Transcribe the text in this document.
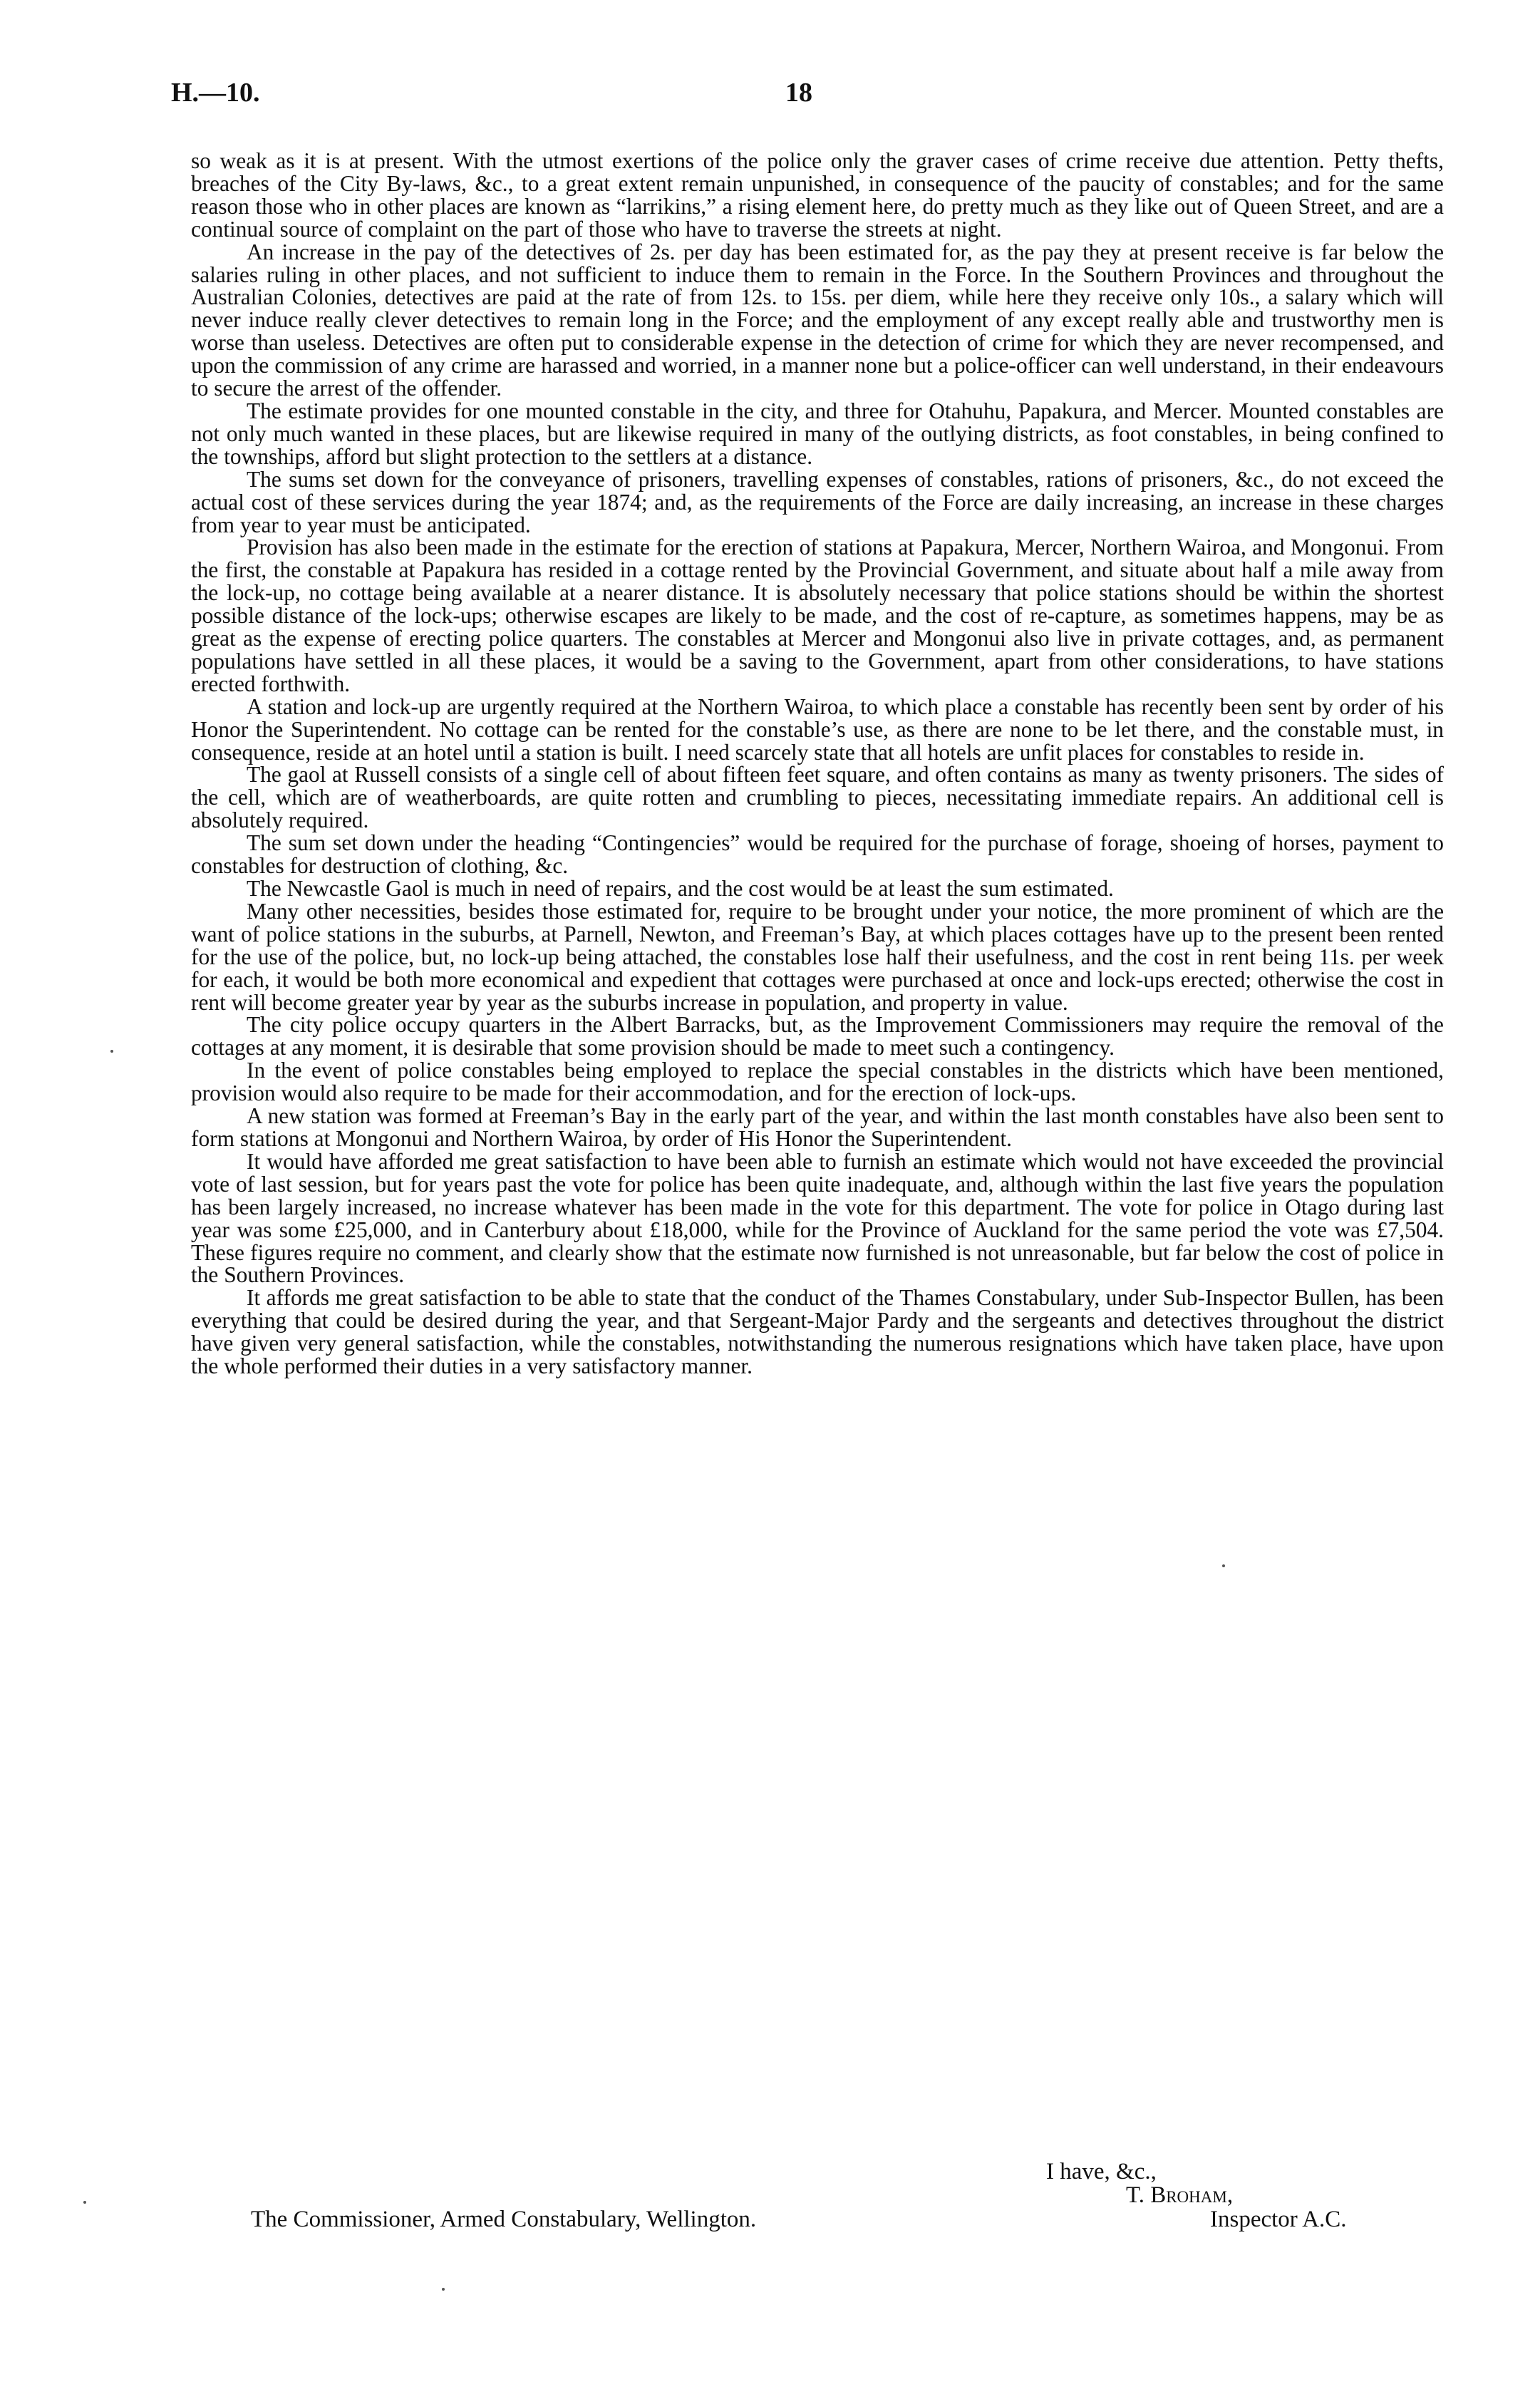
H.—10.	18

so weak as it is at present. With the utmost exertions of the police only the graver cases of crime receive due attention. Petty thefts, breaches of the City By-laws, &c., to a great extent remain unpunished, in consequence of the paucity of constables; and for the same reason those who in other places are known as “larrikins,” a rising element here, do pretty much as they like out of Queen Street, and are a continual source of complaint on the part of those who have to traverse the streets at night.

An increase in the pay of the detectives of 2s. per day has been estimated for, as the pay they at present receive is far below the salaries ruling in other places, and not sufficient to induce them to remain in the Force. In the Southern Provinces and throughout the Australian Colonies, detectives are paid at the rate of from 12s. to 15s. per diem, while here they receive only 10s., a salary which will never induce really clever detectives to remain long in the Force; and the employment of any except really able and trustworthy men is worse than useless. Detectives are often put to considerable expense in the detection of crime for which they are never recompensed, and upon the commission of any crime are harassed and worried, in a manner none but a police-officer can well understand, in their endeavours to secure the arrest of the offender.

The estimate provides for one mounted constable in the city, and three for Otahuhu, Papakura, and Mercer. Mounted constables are not only much wanted in these places, but are likewise required in many of the outlying districts, as foot constables, in being confined to the townships, afford but slight protection to the settlers at a distance.

The sums set down for the conveyance of prisoners, travelling expenses of constables, rations of prisoners, &c., do not exceed the actual cost of these services during the year 1874; and, as the requirements of the Force are daily increasing, an increase in these charges from year to year must be anticipated.

Provision has also been made in the estimate for the erection of stations at Papakura, Mercer, Northern Wairoa, and Mongonui. From the first, the constable at Papakura has resided in a cottage rented by the Provincial Government, and situate about half a mile away from the lock-up, no cottage being available at a nearer distance. It is absolutely necessary that police stations should be within the shortest possible distance of the lock-ups; otherwise escapes are likely to be made, and the cost of re-capture, as sometimes happens, may be as great as the expense of erecting police quarters. The constables at Mercer and Mongonui also live in private cottages, and, as permanent populations have settled in all these places, it would be a saving to the Government, apart from other considerations, to have stations erected forthwith.

A station and lock-up are urgently required at the Northern Wairoa, to which place a constable has recently been sent by order of his Honor the Superintendent. No cottage can be rented for the constable’s use, as there are none to be let there, and the constable must, in consequence, reside at an hotel until a station is built. I need scarcely state that all hotels are unfit places for constables to reside in.

The gaol at Russell consists of a single cell of about fifteen feet square, and often contains as many as twenty prisoners. The sides of the cell, which are of weatherboards, are quite rotten and crumbling to pieces, necessitating immediate repairs. An additional cell is absolutely required.

The sum set down under the heading “Contingencies” would be required for the purchase of forage, shoeing of horses, payment to constables for destruction of clothing, &c.

The Newcastle Gaol is much in need of repairs, and the cost would be at least the sum estimated.

Many other necessities, besides those estimated for, require to be brought under your notice, the more prominent of which are the want of police stations in the suburbs, at Parnell, Newton, and Freeman’s Bay, at which places cottages have up to the present been rented for the use of the police, but, no lock-up being attached, the constables lose half their usefulness, and the cost in rent being 11s. per week for each, it would be both more economical and expedient that cottages were purchased at once and lock-ups erected; otherwise the cost in rent will become greater year by year as the suburbs increase in population, and property in value.

The city police occupy quarters in the Albert Barracks, but, as the Improvement Commissioners may require the removal of the cottages at any moment, it is desirable that some provision should be made to meet such a contingency.

In the event of police constables being employed to replace the special constables in the districts which have been mentioned, provision would also require to be made for their accommodation, and for the erection of lock-ups.

A new station was formed at Freeman’s Bay in the early part of the year, and within the last month constables have also been sent to form stations at Mongonui and Northern Wairoa, by order of His Honor the Superintendent.

It would have afforded me great satisfaction to have been able to furnish an estimate which would not have exceeded the provincial vote of last session, but for years past the vote for police has been quite inadequate, and, although within the last five years the population has been largely increased, no increase whatever has been made in the vote for this department. The vote for police in Otago during last year was some £25,000, and in Canterbury about £18,000, while for the Province of Auckland for the same period the vote was £7,504. These figures require no comment, and clearly show that the estimate now furnished is not unreasonable, but far below the cost of police in the Southern Provinces.

It affords me great satisfaction to be able to state that the conduct of the Thames Constabulary, under Sub-Inspector Bullen, has been everything that could be desired during the year, and that Sergeant-Major Pardy and the sergeants and detectives throughout the district have given very general satisfaction, while the constables, notwithstanding the numerous resignations which have taken place, have upon the whole performed their duties in a very satisfactory manner.

I have, &c.,
T. Broham,
Inspector A.C.
The Commissioner, Armed Constabulary, Wellington.
